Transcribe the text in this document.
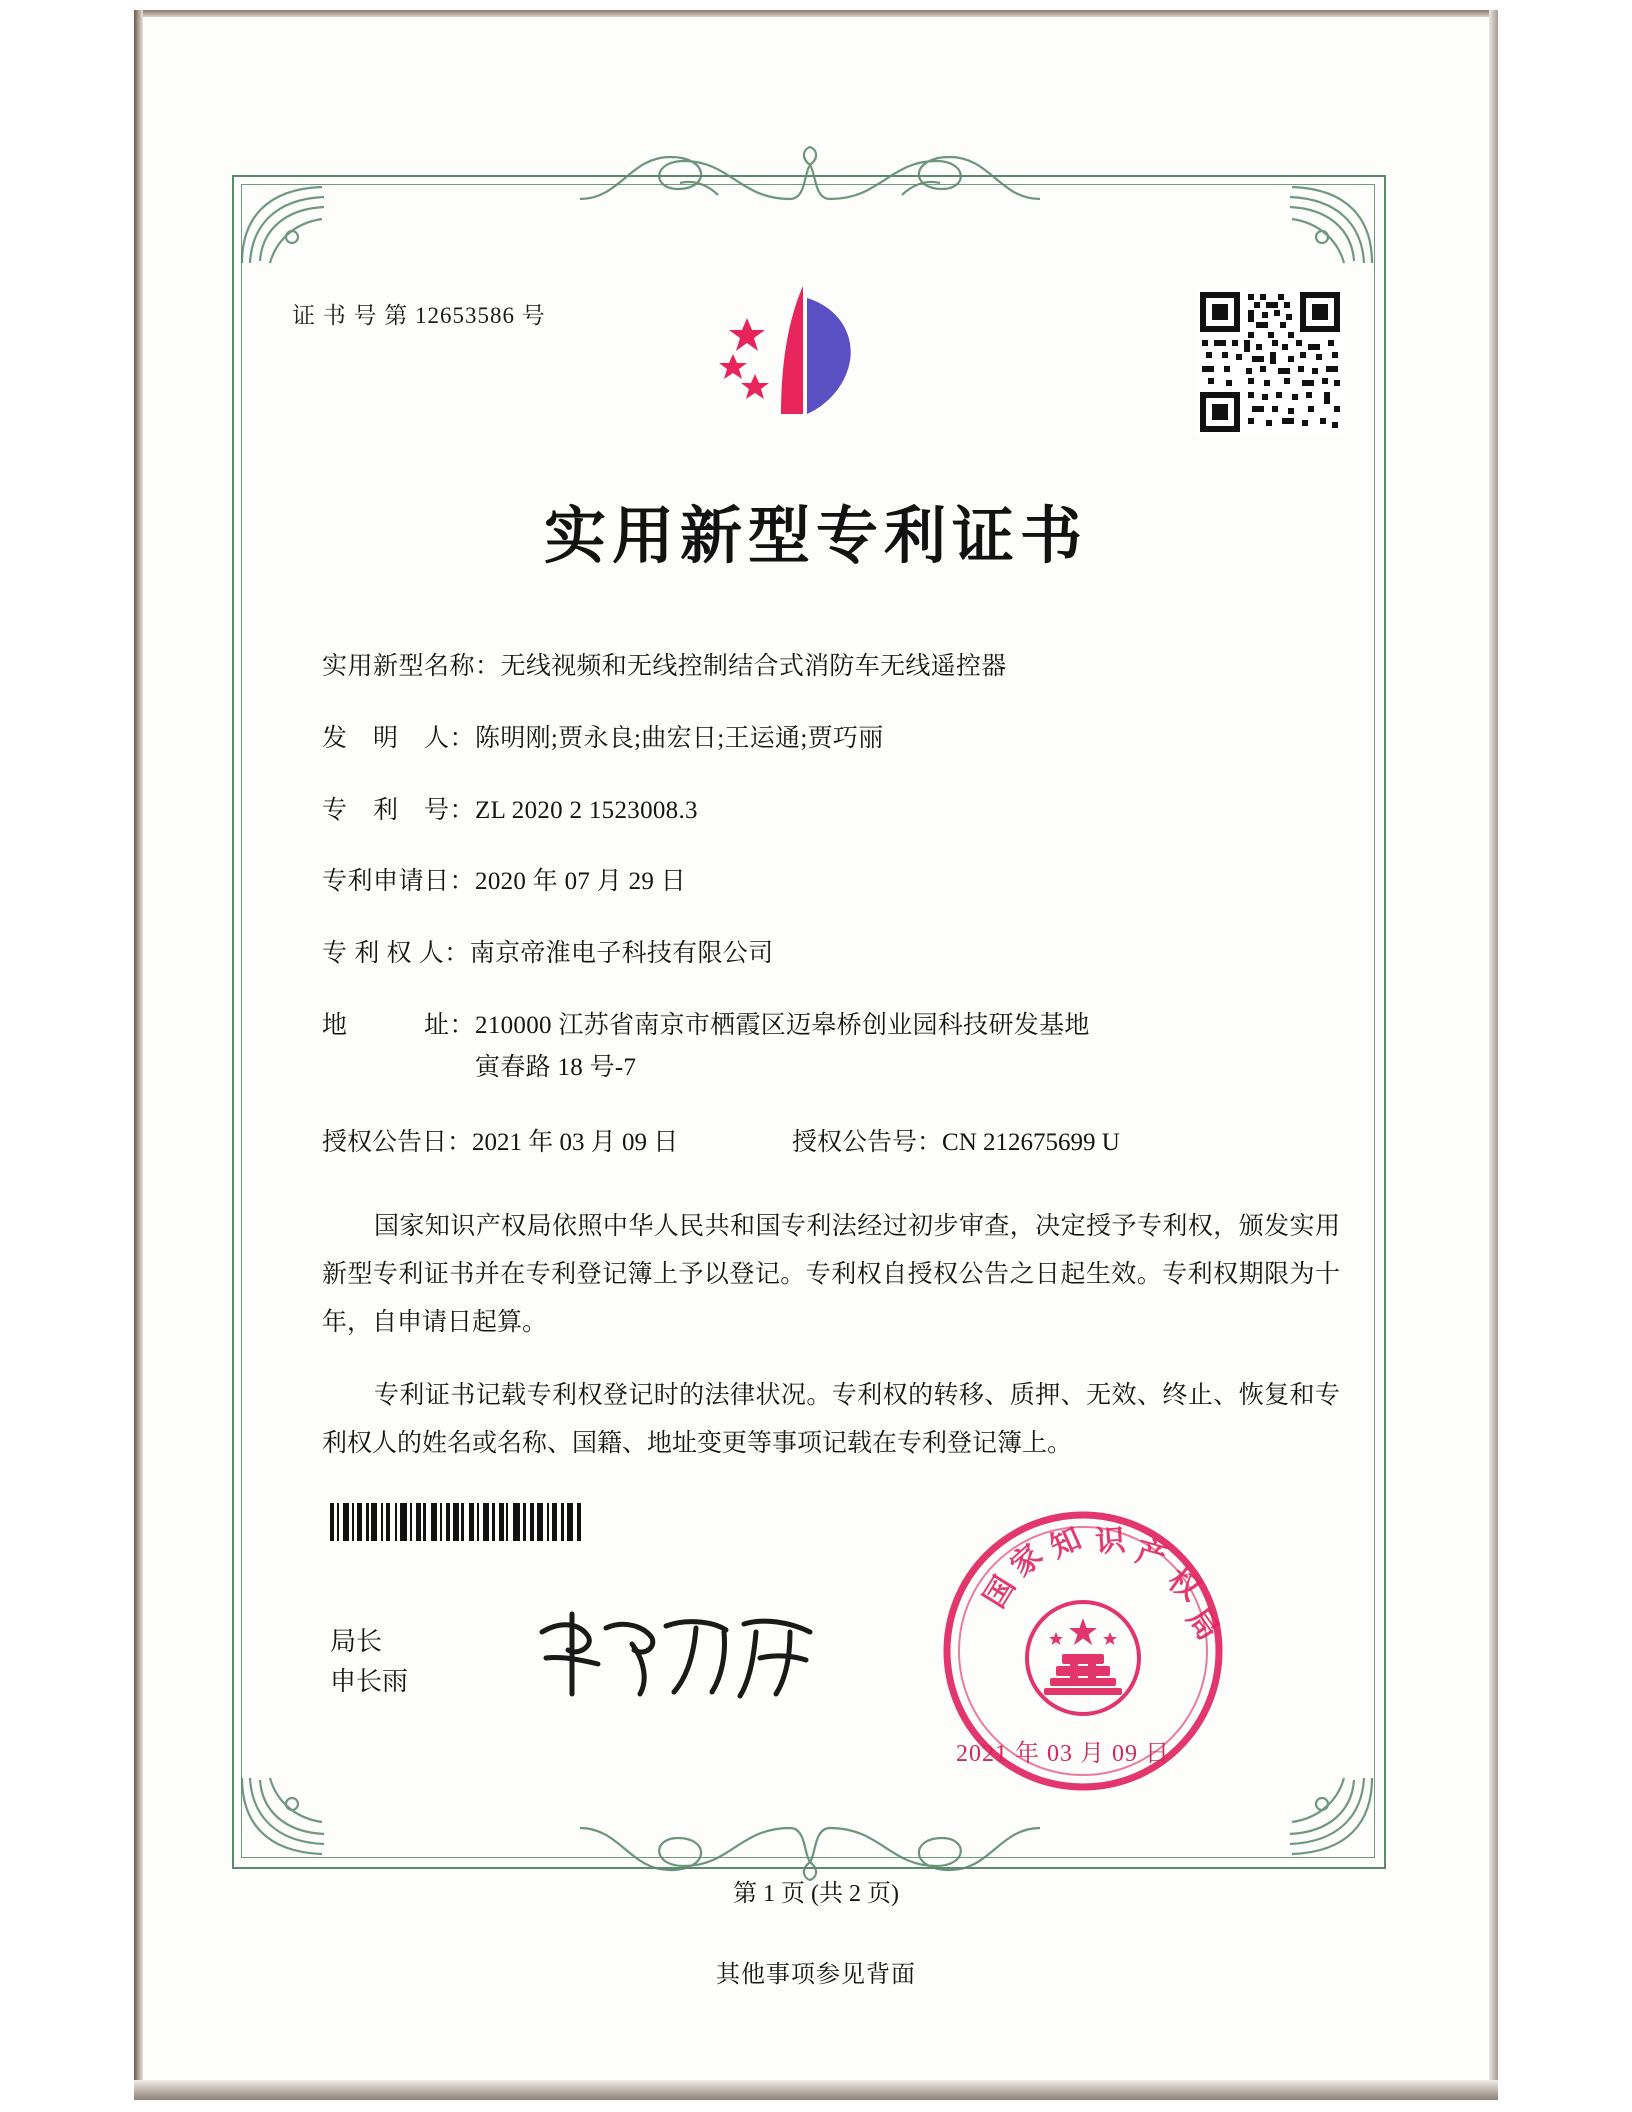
证 书 号 第 12653586 号
实用新型专利证书
实用新型名称： 无线视频和无线控制结合式消防车无线遥控器
发　明　人： 陈明刚;贾永良;曲宏日;王运通;贾巧丽
专　利　号： ZL 2020 2 1523008.3
专利申请日： 2020 年 07 月 29 日
专 利 权 人： 南京帝淮电子科技有限公司
地　　　址： 210000 江苏省南京市栖霞区迈皋桥创业园科技研发基地
寅春路 18 号-7
授权公告日：2021 年 03 月 09 日	授权公告号：CN 212675699 U

国家知识产权局依照中华人民共和国专利法经过初步审查，决定授予专利权，颁发实用新型专利证书并在专利登记簿上予以登记。专利权自授权公告之日起生效。专利权期限为十年，自申请日起算。

专利证书记载专利权登记时的法律状况。专利权的转移、质押、无效、终止、恢复和专利权人的姓名或名称、国籍、地址变更等事项记载在专利登记簿上。

局长
申长雨
国
家
知 识 产
权
局
2021 年 03 月 09 日
第 1 页 (共 2 页)
其他事项参见背面
